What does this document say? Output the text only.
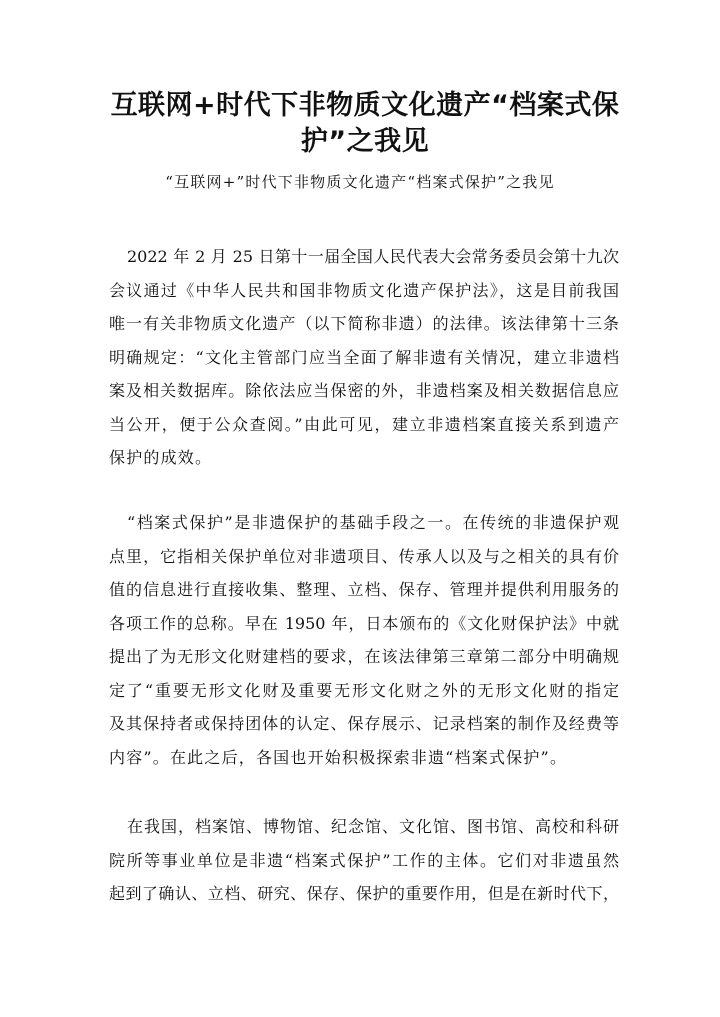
互联网+时代下非物质文化遗产“档案式保
护”之我见
“互联网+”时代下非物质文化遗产“档案式保护”之我见
2022 年 2 月 25 日第十一届全国人民代表大会常务委员会第十九次
会议通过《中华人民共和国非物质文化遗产保护法》，这是目前我国
唯一有关非物质文化遗产（以下简称非遗）的法律。该法律第十三条
明确规定：“文化主管部门应当全面了解非遗有关情况，建立非遗档
案及相关数据库。除依法应当保密的外，非遗档案及相关数据信息应
当公开，便于公众查阅。”由此可见，建立非遗档案直接关系到遗产
保护的成效。
“档案式保护”是非遗保护的基础手段之一。在传统的非遗保护观
点里，它指相关保护单位对非遗项目、传承人以及与之相关的具有价
值的信息进行直接收集、整理、立档、保存、管理并提供利用服务的
各项工作的总称。早在 1950 年，日本颁布的《文化财保护法》中就
提出了为无形文化财建档的要求，在该法律第三章第二部分中明确规
定了“重要无形文化财及重要无形文化财之外的无形文化财的指定
及其保持者或保持团体的认定、保存展示、记录档案的制作及经费等
内容”。在此之后，各国也开始积极探索非遗“档案式保护”。
在我国，档案馆、博物馆、纪念馆、文化馆、图书馆、高校和科研
院所等事业单位是非遗“档案式保护”工作的主体。它们对非遗虽然
起到了确认、立档、研究、保存、保护的重要作用，但是在新时代下，
